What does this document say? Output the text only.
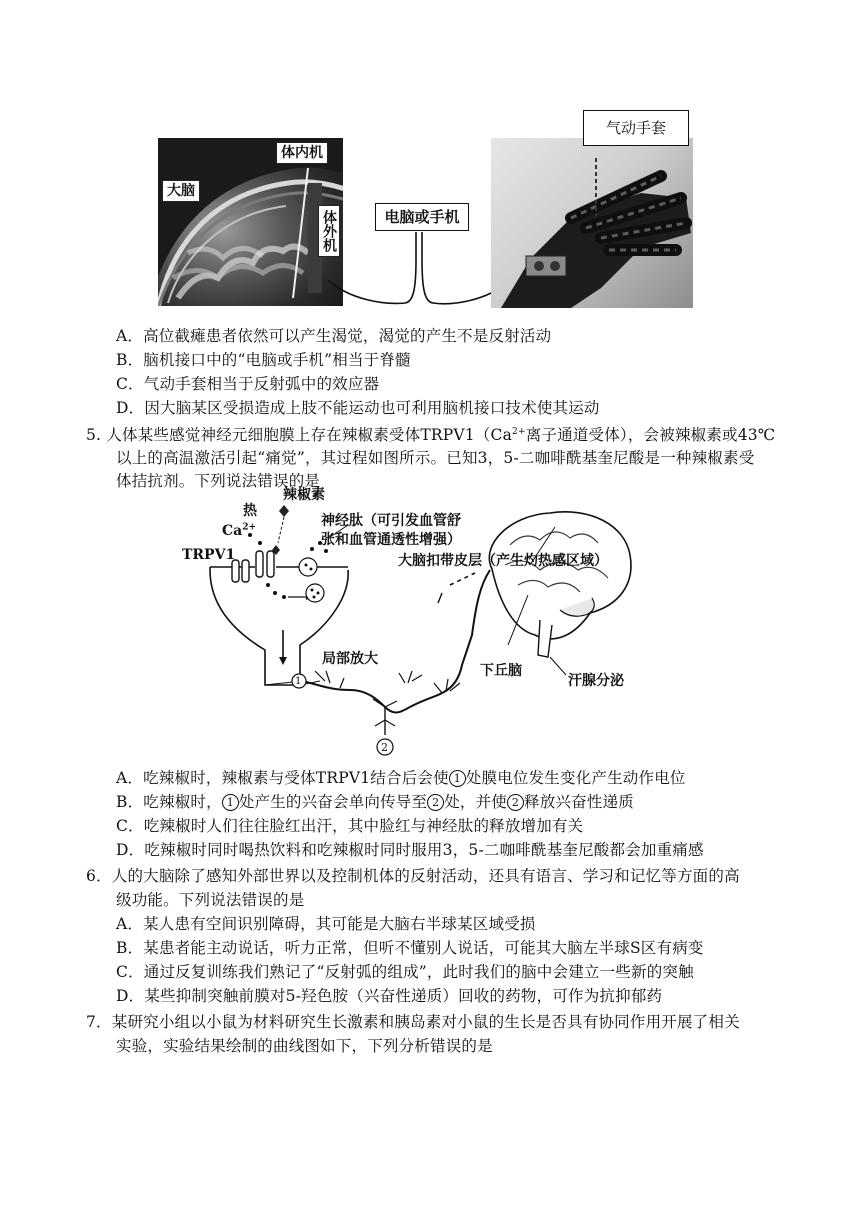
大脑
体内机
体外机	电脑或手机
气动手套
A．高位截瘫患者依然可以产生渴觉，渴觉的产生不是反射活动
B．脑机接口中的“电脑或手机”相当于脊髓
C．气动手套相当于反射弧中的效应器
D．因大脑某区受损造成上肢不能运动也可利用脑机接口技术使其运动
5. 人体某些感觉神经元细胞膜上存在辣椒素受体$TRPV1(Ca^{2+}$离子通道受体），会被辣椒素或43℃
以上的高温激活引起“痛觉”，其过程如图所示。已知3，5-二咖啡酰基奎尼酸是一种辣椒素受
体拮抗剂。下列说法错误的是
辣椒素
热
$Ca^{2+}$
TRPV1
神经肽（可引发血管舒
张和血管通透性增强）
大脑扣带皮层（产生灼热感区域）
局部放大
下丘脑
汗腺分泌
1
2
A．吃辣椒时，辣椒素与受体TRPV1结合后会使 1 处膜电位发生变化产生动作电位
B．吃辣椒时， 1 处产生的兴奋会单向传导至 2 处，并使 2 释放兴奋性递质
C．吃辣椒时人们往往脸红出汗，其中脸红与神经肽的释放增加有关
D．吃辣椒时同时喝热饮料和吃辣椒时同时服用3，5-二咖啡酰基奎尼酸都会加重痛感
6．人的大脑除了感知外部世界以及控制机体的反射活动，还具有语言、学习和记忆等方面的高
级功能。下列说法错误的是
A．某人患有空间识别障碍，其可能是大脑右半球某区域受损
B．某患者能主动说话，听力正常，但听不懂别人说话，可能其大脑左半球S区有病变
C．通过反复训练我们熟记了“反射弧的组成”，此时我们的脑中会建立一些新的突触
D．某些抑制突触前膜对5-羟色胺（兴奋性递质）回收的药物，可作为抗抑郁药
7．某研究小组以小鼠为材料研究生长激素和胰岛素对小鼠的生长是否具有协同作用开展了相关
实验，实验结果绘制的曲线图如下，下列分析错误的是
